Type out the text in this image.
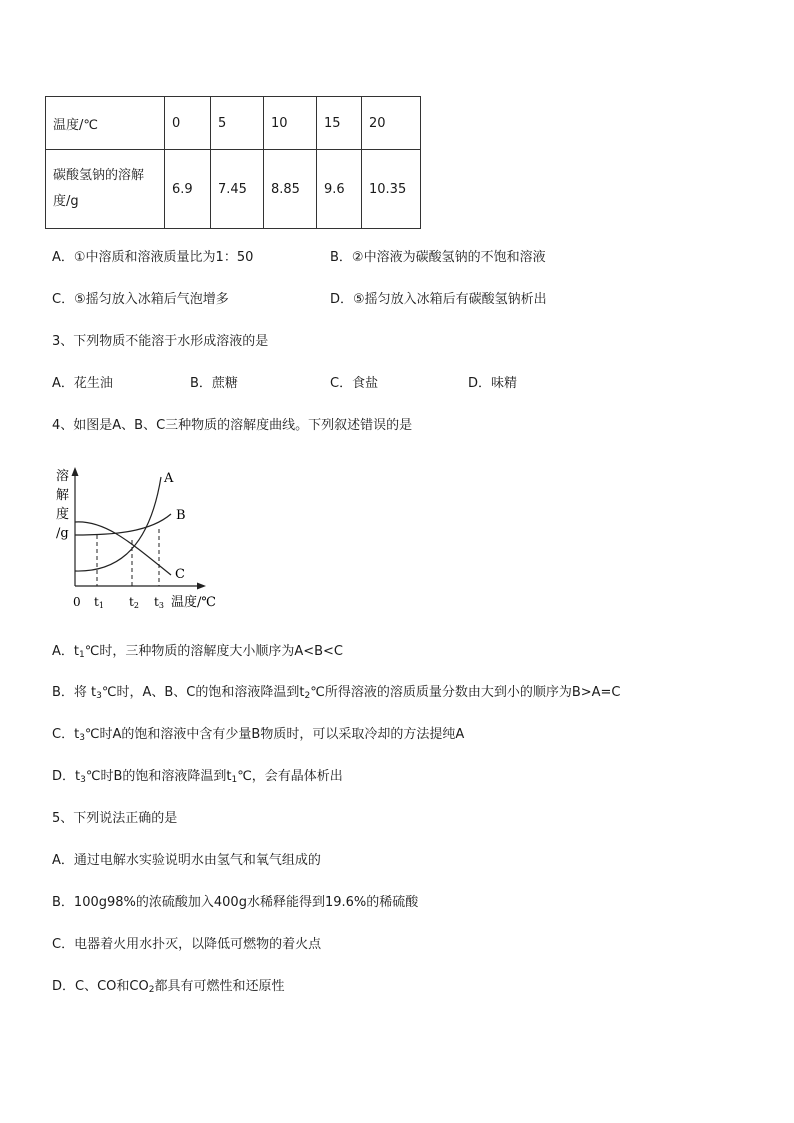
温度/℃	0	5	10	15	20

碳酸氢钠的溶解度/g	6.9	7.45	8.85	9.6	10.35
A．①中溶质和溶液质量比为1：50	B．②中溶液为碳酸氢钠的不饱和溶液
C．⑤摇匀放入冰箱后气泡增多	D．⑤摇匀放入冰箱后有碳酸氢钠析出
3、下列物质不能溶于水形成溶液的是
A．花生油	B．蔗糖	C．食盐	D．味精
4、如图是A、B、C三种物质的溶解度曲线。下列叙述错误的是
溶
解
度
/g
A
B
C
0 t1 t2 t3 温度/℃
A．$t_1℃$时，三种物质的溶解度大小顺序为A<B<C
B．将 $t_3℃$时，A、B、C的饱和溶液降温到$t_2℃$所得溶液的溶质质量分数由大到小的顺序为B>A=C
C．$t_3℃$时A的饱和溶液中含有少量B物质时，可以采取冷却的方法提纯A
D．$t_3℃$时B的饱和溶液降温到$t_1℃$，会有晶体析出
5、下列说法正确的是
A．通过电解水实验说明水由氢气和氧气组成的
B．100g98%的浓硫酸加入400g水稀释能得到19.6%的稀硫酸
C．电器着火用水扑灭，以降低可燃物的着火点
D．C、CO和$CO_2$都具有可燃性和还原性
